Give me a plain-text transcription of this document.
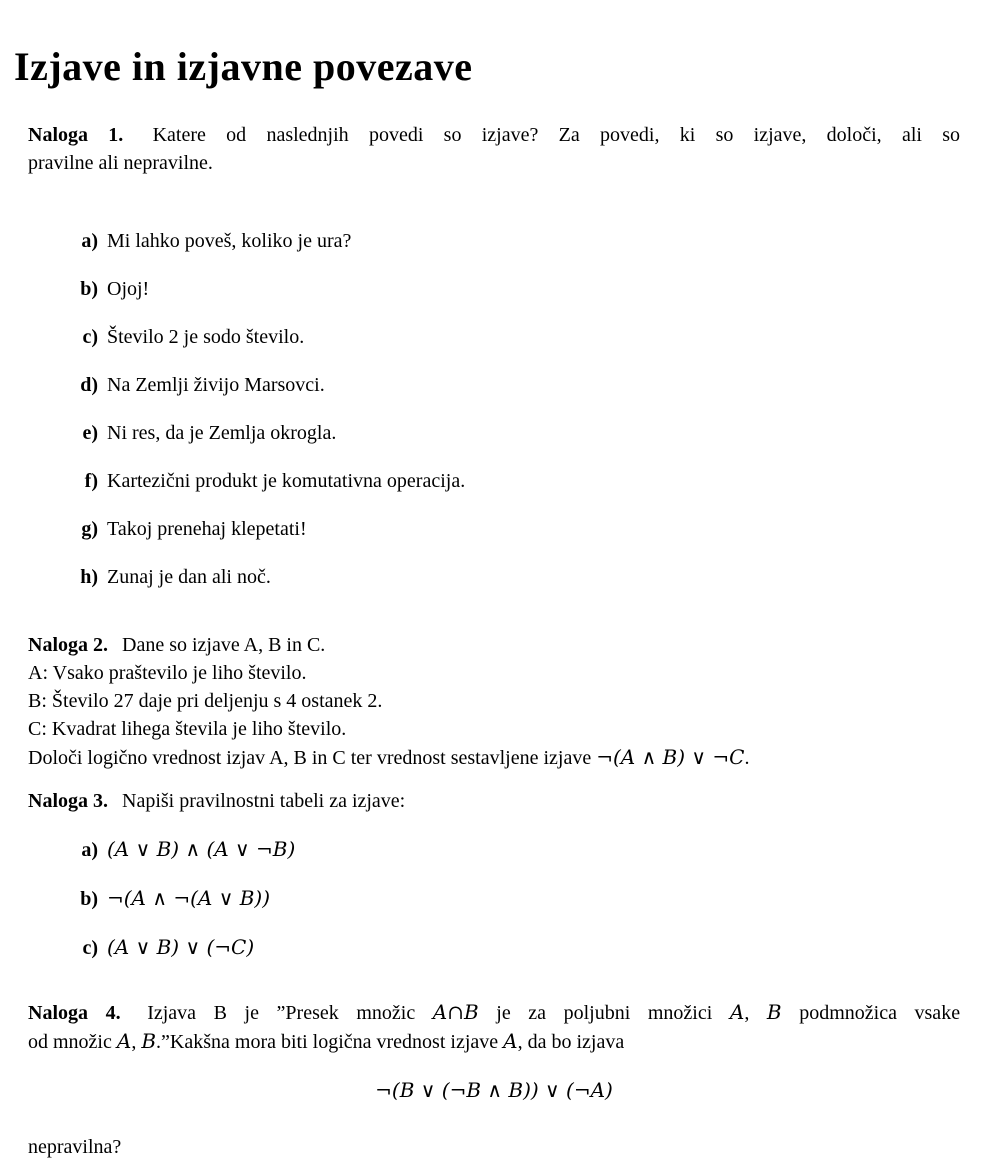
Izjave in izjavne povezave

Naloga 1. Katere od naslednjih povedi so izjave? Za povedi, ki so izjave, določi, ali so
pravilne ali nepravilne.

a) Mi lahko poveš, koliko je ura?
b) Ojoj!
c) Število 2 je sodo število.
d) Na Zemlji živijo Marsovci.
e) Ni res, da je Zemlja okrogla.
f) Kartezični produkt je komutativna operacija.
g) Takoj prenehaj klepetati!
h) Zunaj je dan ali noč.
Naloga 2. Dane so izjave A, B in C.
A: Vsako praštevilo je liho število.
B: Število 27 daje pri deljenju s 4 ostanek 2.
C: Kvadrat lihega števila je liho število.
Določi logično vrednost izjav A, B in C ter vrednost sestavljene izjave ¬(A ∧ B) ∨ ¬C.
Naloga 3. Napiši pravilnostni tabeli za izjave:
a) (A ∨ B) ∧ (A ∨ ¬B)
b) ¬(A ∧ ¬(A ∨ B))
c) (A ∨ B) ∨ (¬C)

Naloga 4. Izjava B je ”Presek množic A∩B je za poljubni množici A, B podmnožica vsake
od množic A, B.”Kakšna mora biti logična vrednost izjave A, da bo izjava

¬(B ∨ (¬B ∧ B)) ∨ (¬A)

nepravilna?
